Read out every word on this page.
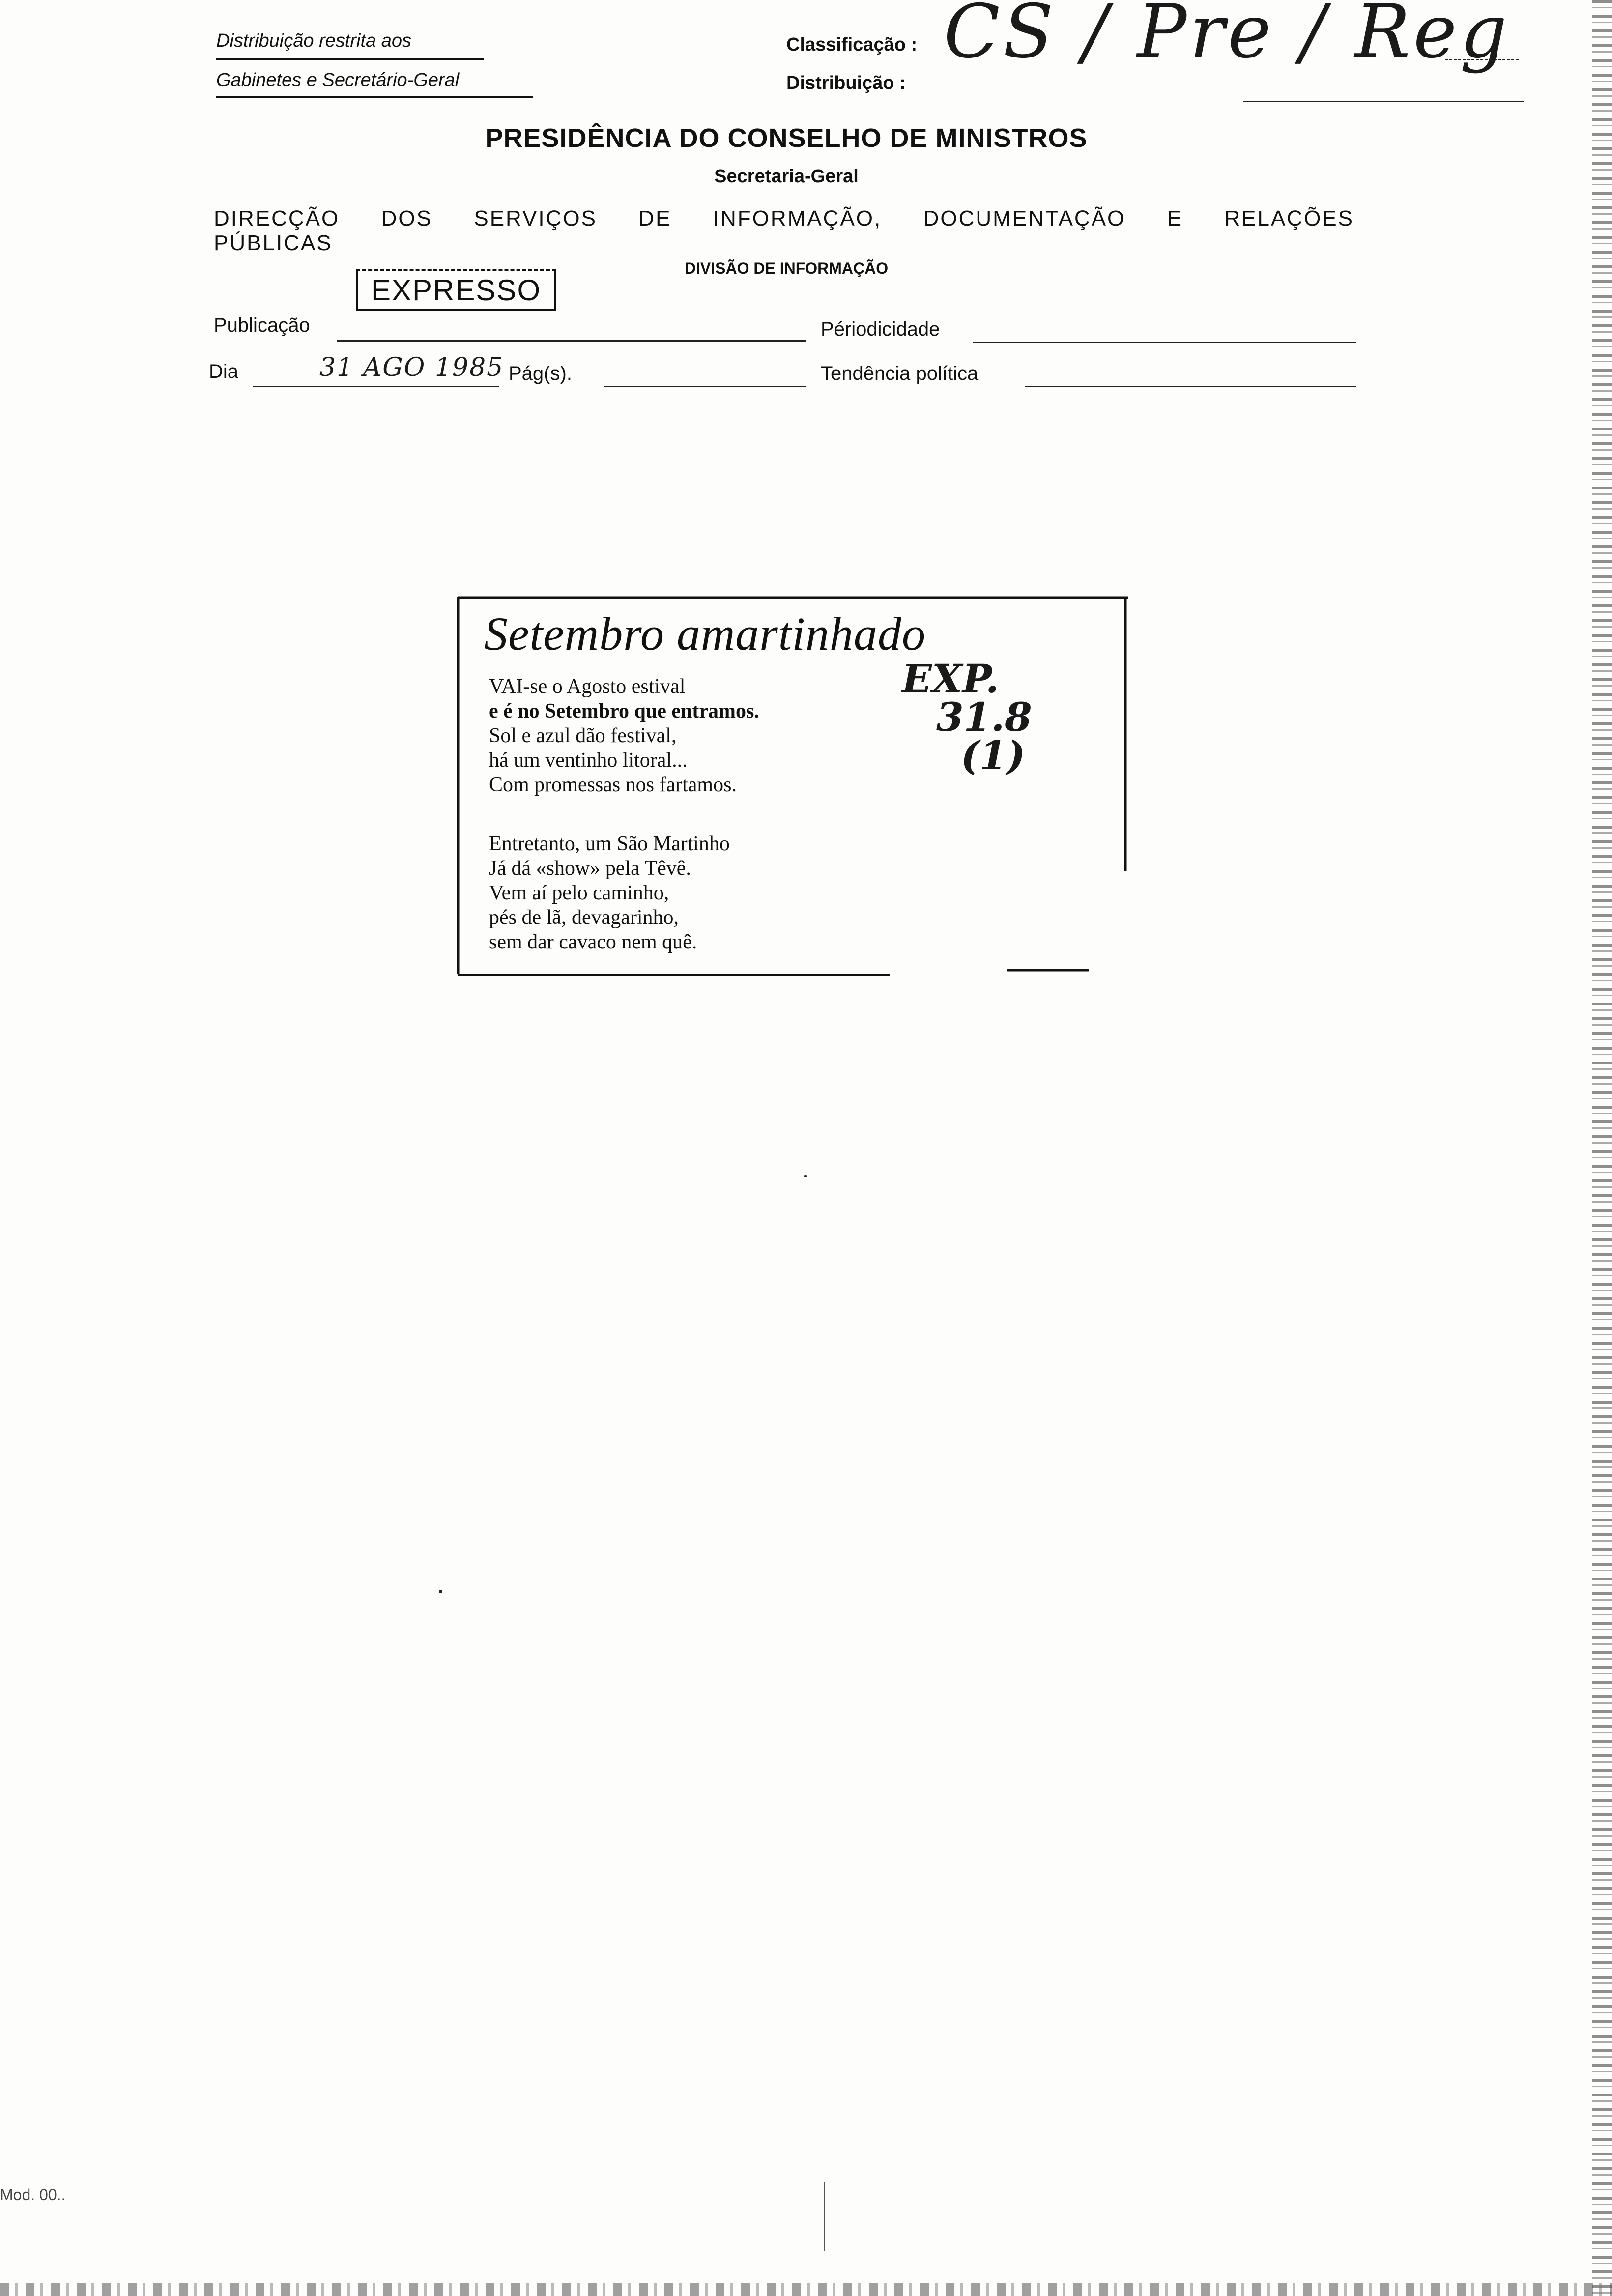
Distribuição restrita aos
Gabinetes e Secretário-Geral
Classificação :
Distribuição :
CS / Pre / Reg
PRESIDÊNCIA DO CONSELHO DE MINISTROS
Secretaria-Geral
DIRECÇÃO DOS SERVIÇOS DE INFORMAÇÃO, DOCUMENTAÇÃO E RELAÇÕES PÚBLICAS
DIVISÃO DE INFORMAÇÃO
EXPRESSO
Publicação	Périodicidade
Dia	31 AGO 1985 Pág(s).	Tendência política
Setembro amartinhado
VAI-se o Agosto estival
e é no Setembro que entramos.
Sol e azul dão festival,
há um ventinho litoral...
Com promessas nos fartamos.
Entretanto, um São Martinho
Já dá «show» pela Têvê.
Vem aí pelo caminho,
pés de lã, devagarinho,
sem dar cavaco nem quê.
EXP.
31.8
(1)
Mod. 00..
